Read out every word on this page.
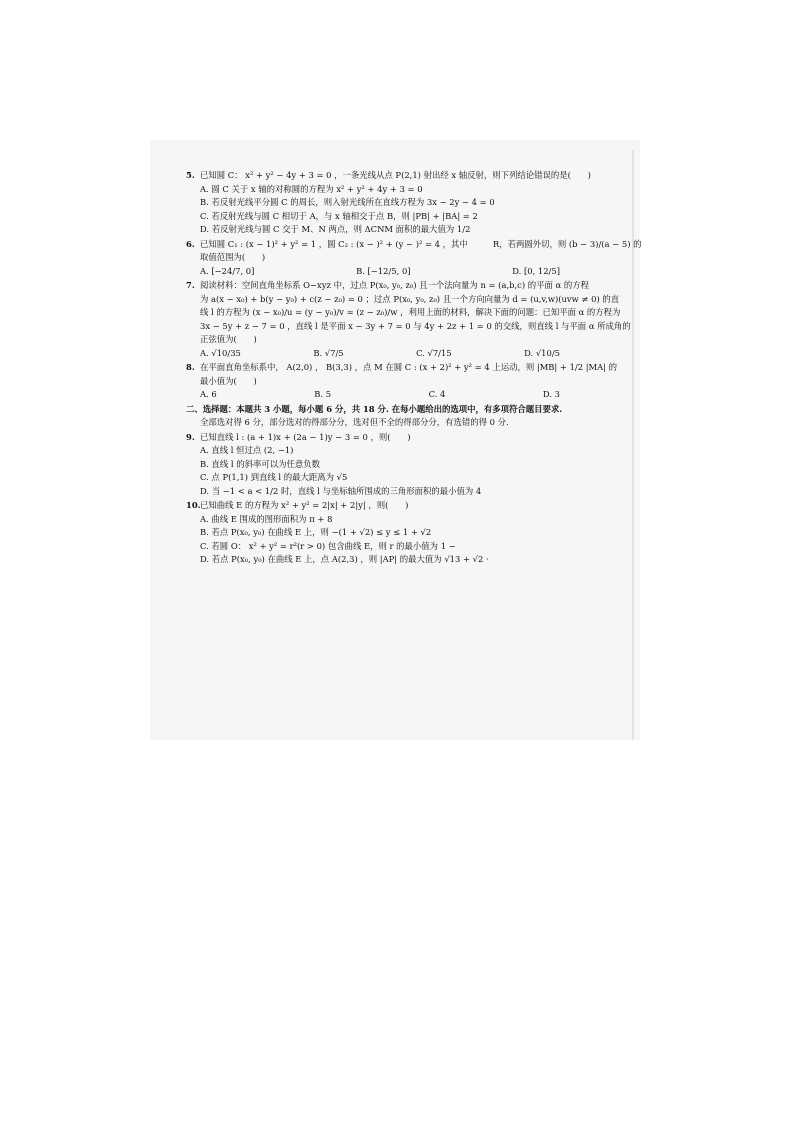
5. 已知圆 C： x² + y² − 4y + 3 = 0 ，一条光线从点 P(2,1) 射出经 x 轴反射，则下列结论错误的是(　　)
A. 圆 C 关于 x 轴的对称圆的方程为 x² + y² + 4y + 3 = 0
B. 若反射光线平分圆 C 的周长，则入射光线所在直线方程为 3x − 2y − 4 = 0
C. 若反射光线与圆 C 相切于 A，与 x 轴相交于点 B，则 |PB| + |BA| = 2
D. 若反射光线与圆 C 交于 M、N 两点，则 ΔCNM 面积的最大值为 1/2
6. 已知圆 C₁ : (x − 1)² + y² = 1 ，圆 C₂ : (x − )² + (y − )² = 4 ，其中　　　R，若两圆外切，则 (b − 3)/(a − 5) 的
取值范围为(　　)
A. [−24/7, 0]	B. [−12/5, 0]	D. [0, 12/5]
7. 阅读材料：空间直角坐标系 O−xyz 中，过点 P(x₀, y₀, z₀) 且一个法向量为 n = (a,b,c) 的平面 α 的方程
为 a(x − x₀) + b(y − y₀) + c(z − z₀) = 0 ；过点 P(x₀, y₀, z₀) 且一个方向向量为 d = (u,v,w)(uvw ≠ 0) 的直
线 l 的方程为 (x − x₀)/u = (y − y₀)/v = (z − z₀)/w ，利用上面的材料，解决下面的问题：已知平面 α 的方程为
3x − 5y + z − 7 = 0 ，直线 l 是平面 x − 3y + 7 = 0 与 4y + 2z + 1 = 0 的交线，则直线 l 与平面 α 所成角的
正弦值为(　　)
A. √10/35	B. √7/5	C. √7/15	D. √10/5
8. 在平面直角坐标系中， A(2,0) ， B(3,3) ，点 M 在圆 C : (x + 2)² + y² = 4 上运动，则 |MB| + 1/2 |MA| 的
最小值为(　　)
A. 6	B. 5	C. 4	D. 3
二、选择题：本题共 3 小题，每小题 6 分，共 18 分. 在每小题给出的选项中，有多项符合题目要求.
全部选对得 6 分，部分选对的得部分分，选对但不全的得部分分，有选错的得 0 分.
9. 已知直线 l : (a + 1)x + (2a − 1)y − 3 = 0 ，则(　　)
A. 直线 l 恒过点 (2, −1)
B. 直线 l 的斜率可以为任意负数
C. 点 P(1,1) 到直线 l 的最大距离为 √5
D. 当 −1 < a < 1/2 时，直线 l 与坐标轴所围成的三角形面积的最小值为 4
10.已知曲线 E 的方程为 x² + y² = 2|x| + 2|y| ，则(　　)
A. 曲线 E 围成的图形面积为 π + 8
B. 若点 P(x₀, y₀) 在曲线 E 上，则 −(1 + √2) ≤ y ≤ 1 + √2
C. 若圆 O： x² + y² = r²(r > 0) 包含曲线 E，则 r 的最小值为 1 −
D. 若点 P(x₀, y₀) 在曲线 E 上，点 A(2,3) ，则 |AP| 的最大值为 √13 + √2 ·
